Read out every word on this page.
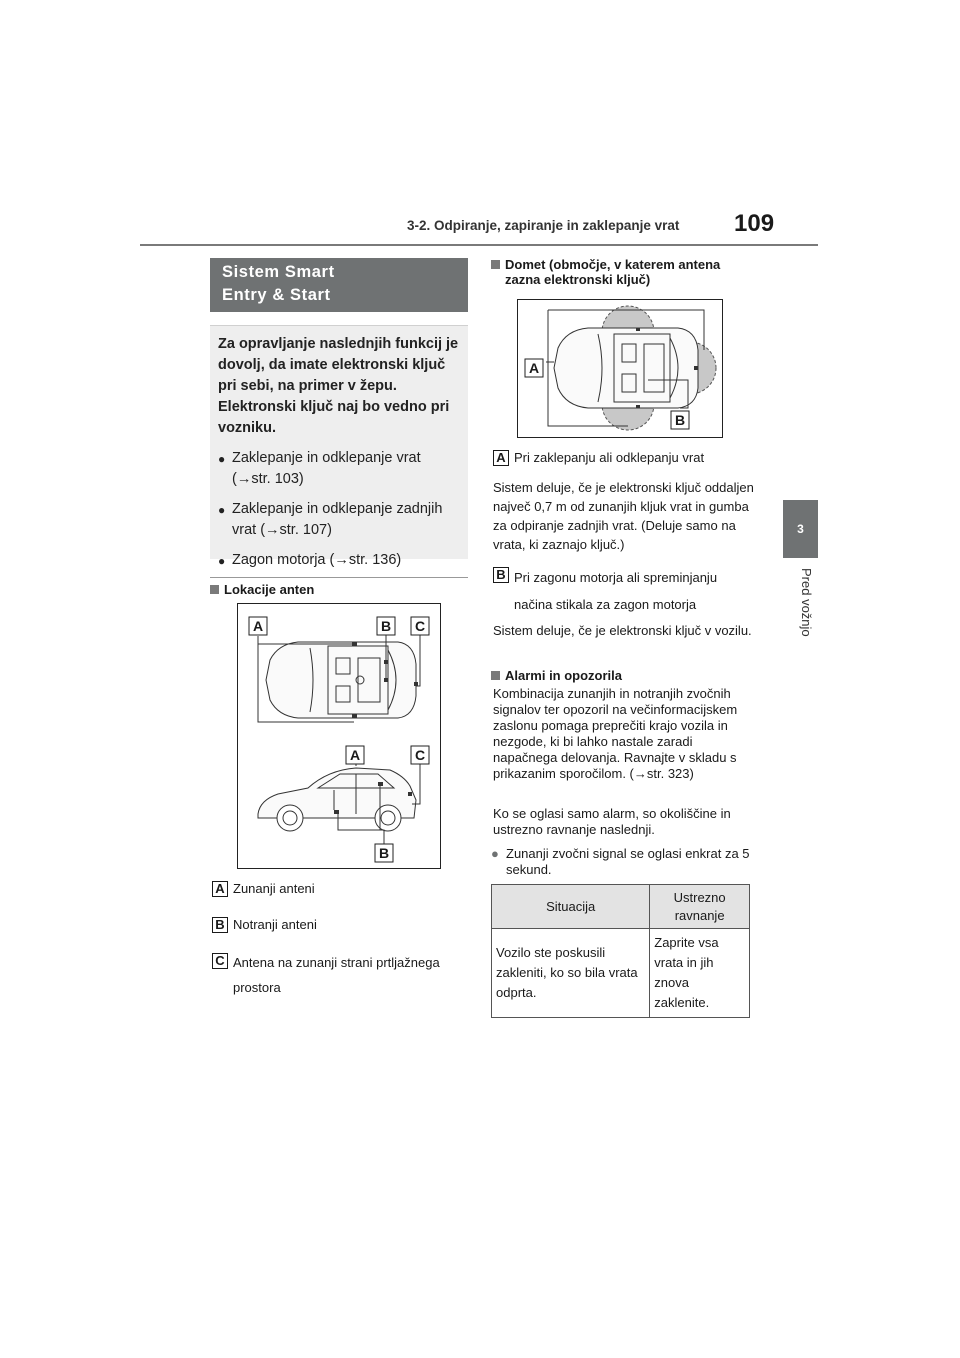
3-2. Odpiranje, zapiranje in zaklepanje vrat 109
3
Pred vožnjo
Sistem Smart
Entry & Start
Za opravljanje naslednjih funkcij je dovolj, da imate elektronski ključ pri sebi, na primer v žepu. Elektronski ključ naj bo vedno pri vozniku.
● Zaklepanje in odklepanje vrat (→str. 103)
● Zaklepanje in odklepanje zadnjih vrat (→str. 107)
● Zagon motorja (→str. 136)
Lokacije anten
A	B C
A	C
B
A Zunanji anteni
B Notranji anteni
C Antena na zunanji strani prtljažnega prostora
Domet (območje, v katerem antena zazna elektronski ključ)
A
B
A Pri zaklepanju ali odklepanju vrat
Sistem deluje, če je elektronski ključ oddaljen največ 0,7 m od zunanjih kljuk vrat in gumba za odpiranje zadnjih vrat. (Deluje samo na vrata, ki zaznajo ključ.)
B Pri zagonu motorja ali spreminjanju načina stikala za zagon motorja
Sistem deluje, če je elektronski ključ v vozilu.
Alarmi in opozorila
Kombinacija zunanjih in notranjih zvočnih signalov ter opozoril na večinformacijskem zaslonu pomaga preprečiti krajo vozila in nezgode, ki bi lahko nastale zaradi napačnega delovanja. Ravnajte v skladu s prikazanim sporočilom. (→str. 323)
Ko se oglasi samo alarm, so okoliščine in ustrezno ravnanje naslednji.
● Zunanji zvočni signal se oglasi enkrat za 5 sekund.
Situacija	Ustrezno ravnanje
Vozilo ste poskusili zakleniti, ko so bila vrata odprta.	Zaprite vsa vrata in jih znova zaklenite.
